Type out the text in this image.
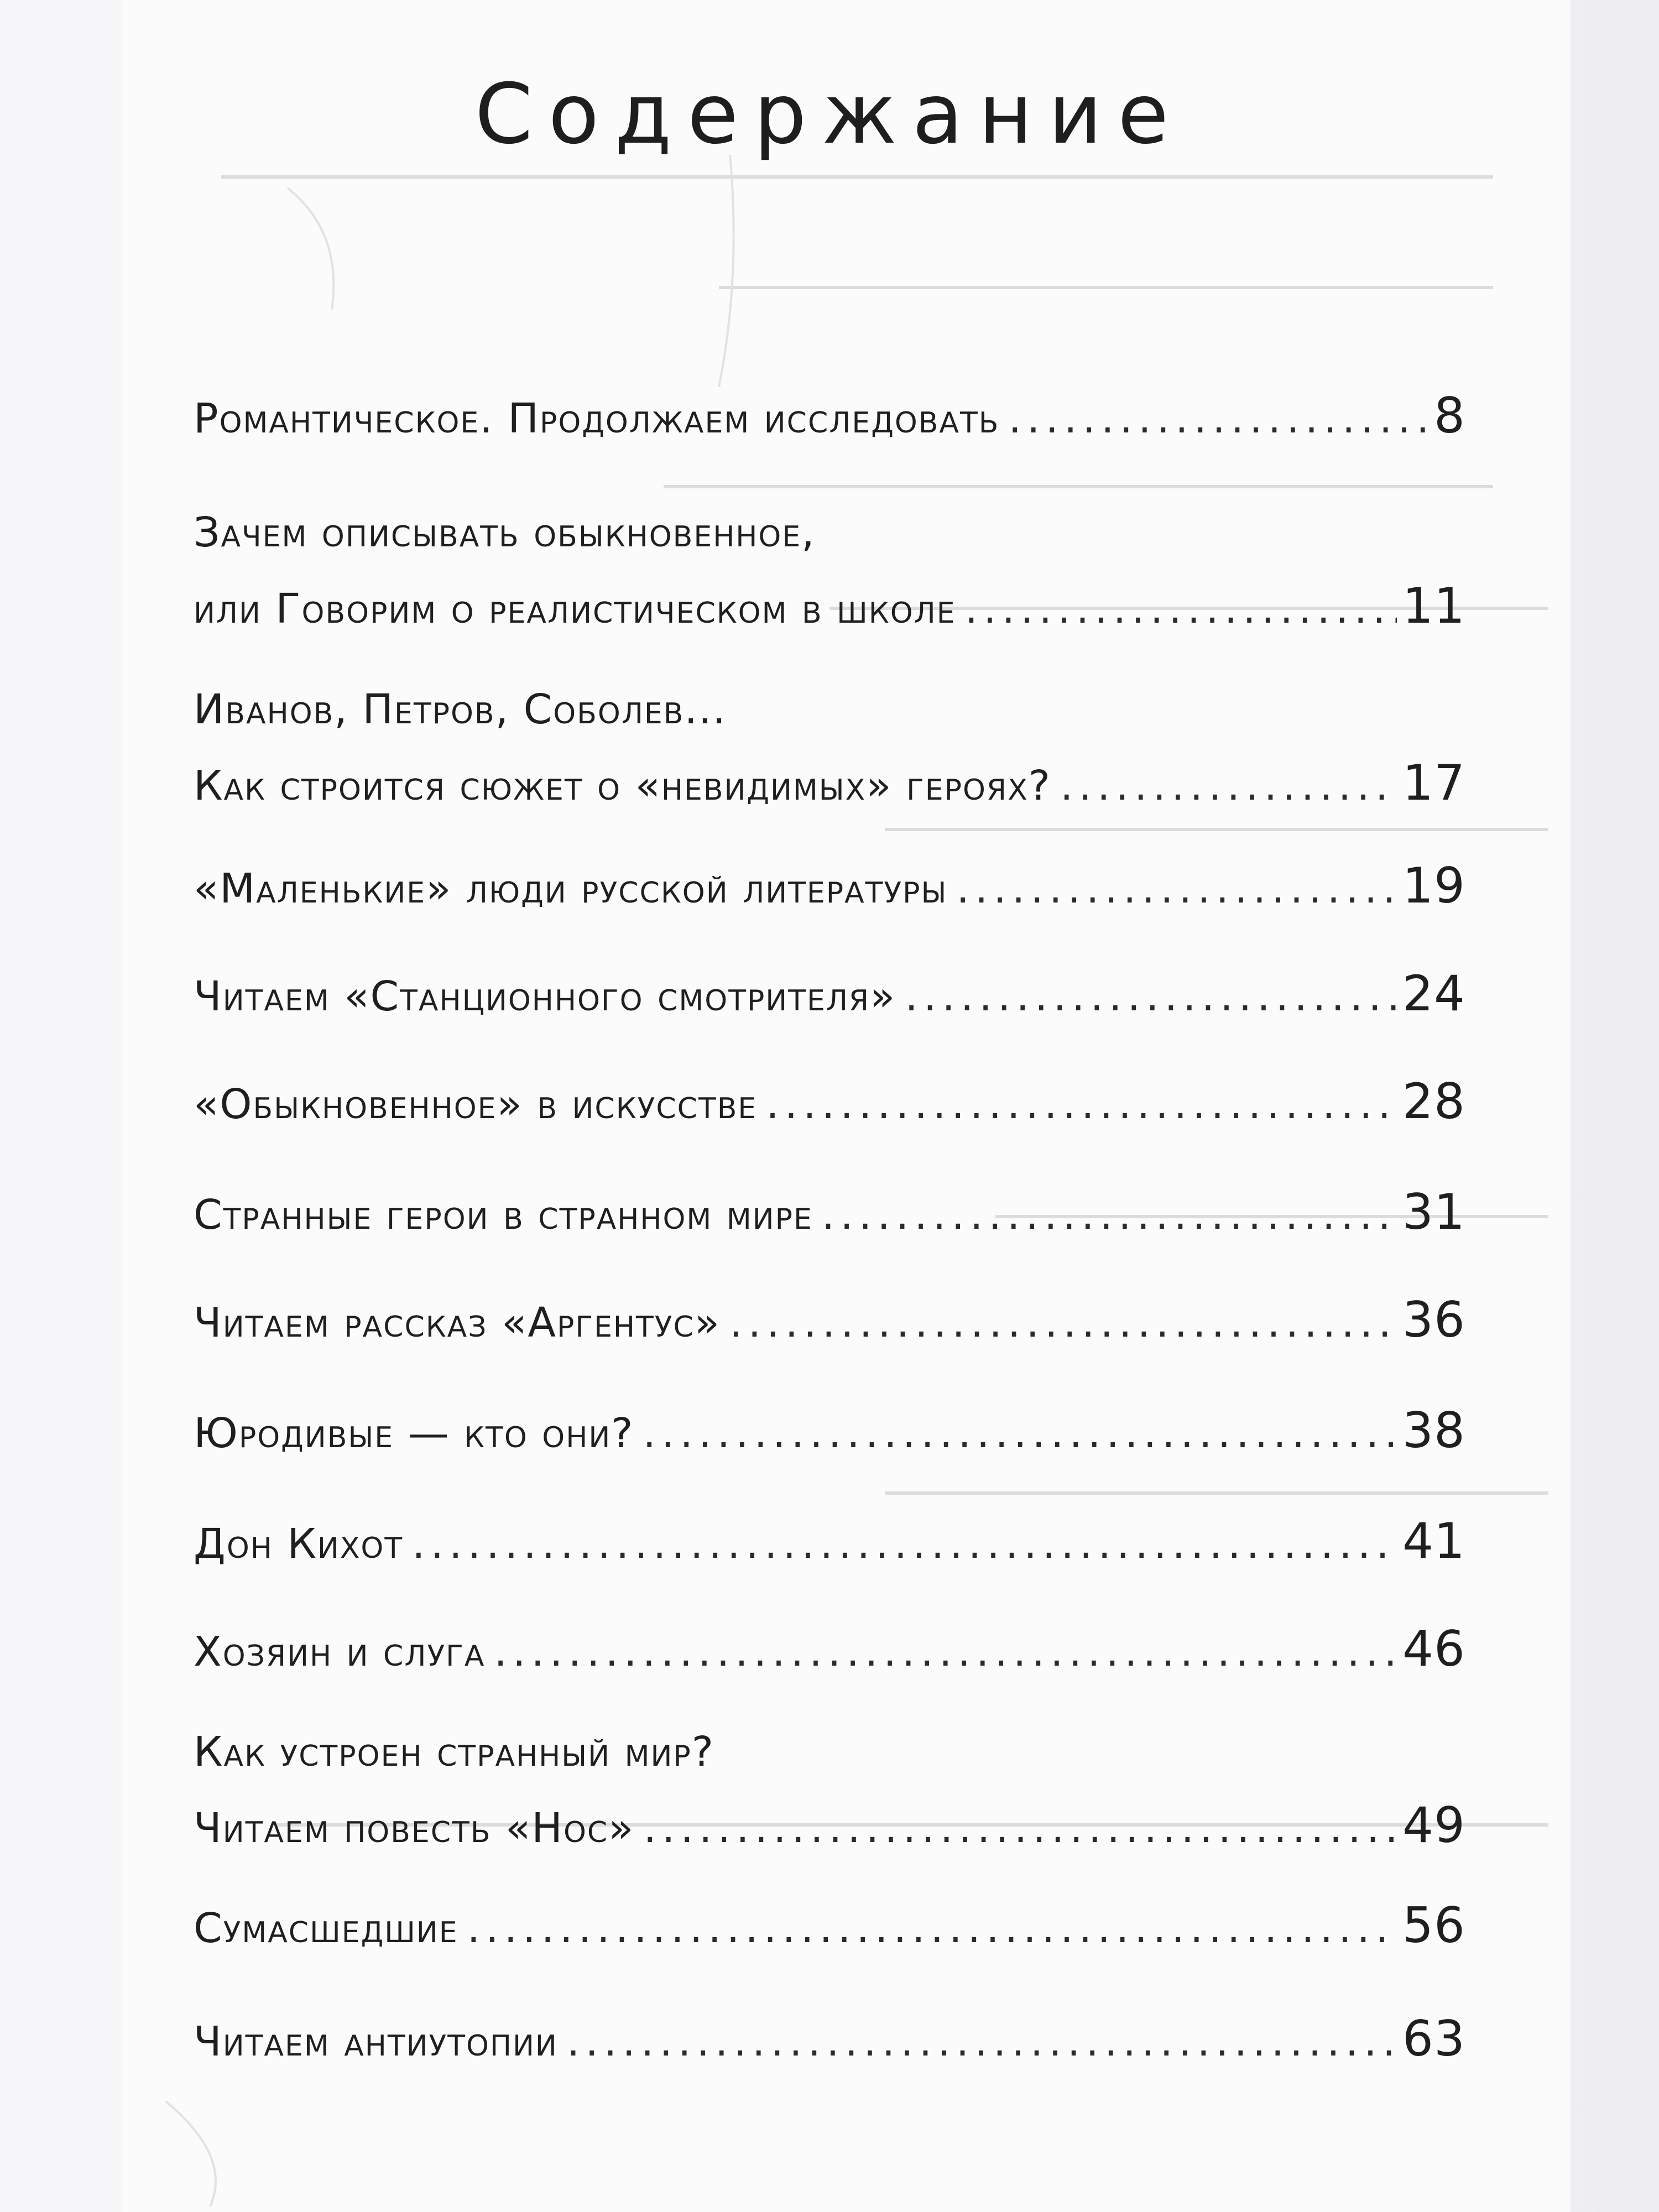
Содержание
Романтическое. Продолжаем исследовать .....	8
Зачем описывать обыкновенное,
или Говорим о реалистическом в школе .....	11
Иванов, Петров, Соболев...
Как строится сюжет о «невидимых» героях? .....	17
«Маленькие» люди русской литературы .....	19
Читаем «Станционного смотрителя» .....	24
«Обыкновенное» в искусстве .....	28
Странные герои в странном мире .....	31
Читаем рассказ «Аргентус» .....	36
Юродивые — кто они? .....	38
Дон Кихот .....	41
Хозяин и слуга .....	46
Как устроен странный мир?
Читаем повесть «Нос» .....	49
Сумасшедшие .....	56
Читаем антиутопии .....	63
